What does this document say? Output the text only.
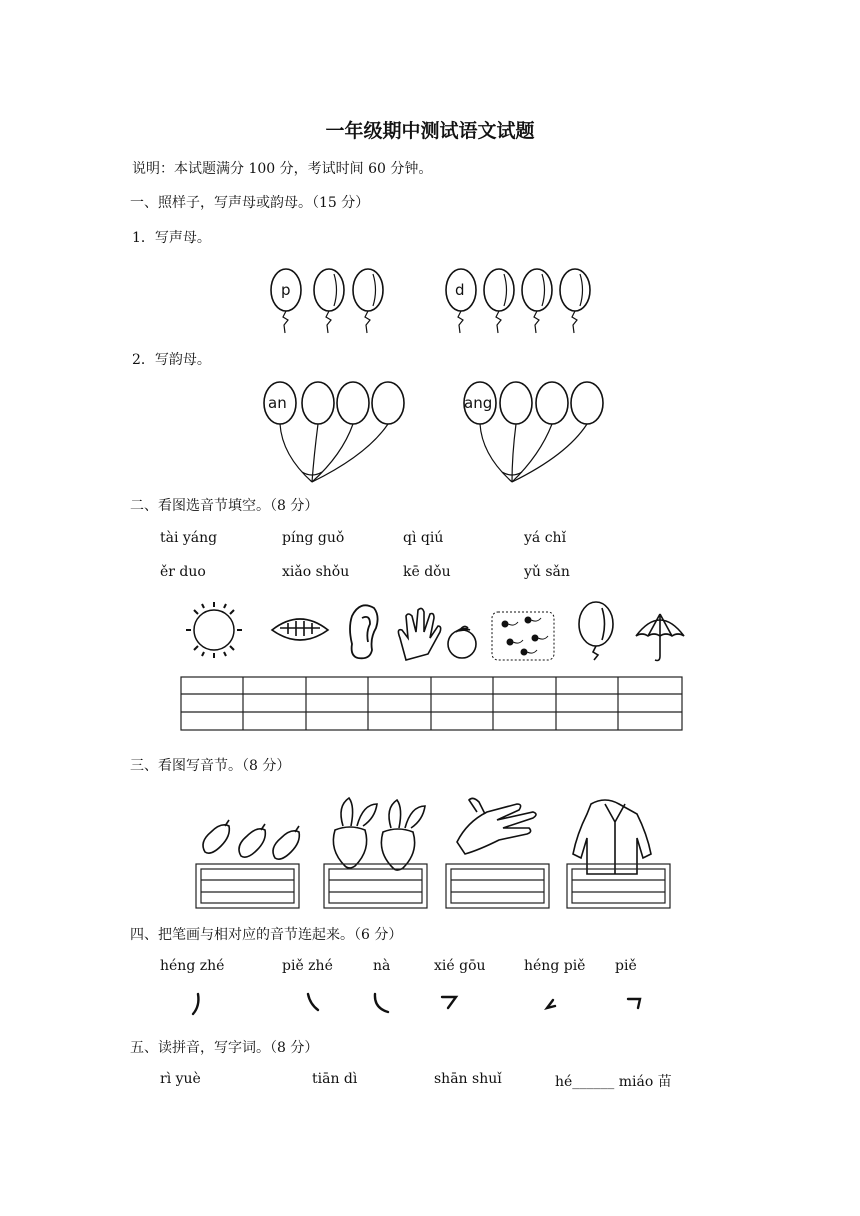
一年级期中测试语文试题
说明：本试题满分 100 分，考试时间 60 分钟。
一、照样子，写声母或韵母。（15 分）
1．写声母。
p	d
2．写韵母。
an	ang
二、看图选音节填空。（8 分）
tài yáng	píng guǒ	qì qiú	yá chǐ
ěr duo	xiǎo shǒu	kē dǒu	yǔ sǎn
三、看图写音节。（8 分）
四、把笔画与相对应的音节连起来。（6 分）
héng zhé	piě zhé	nà	xié gōu	héng piě piě
五、读拼音，写字词。（8 分）
rì yuè	tiān dì	shān shuǐ	hé______ miáo 苗
